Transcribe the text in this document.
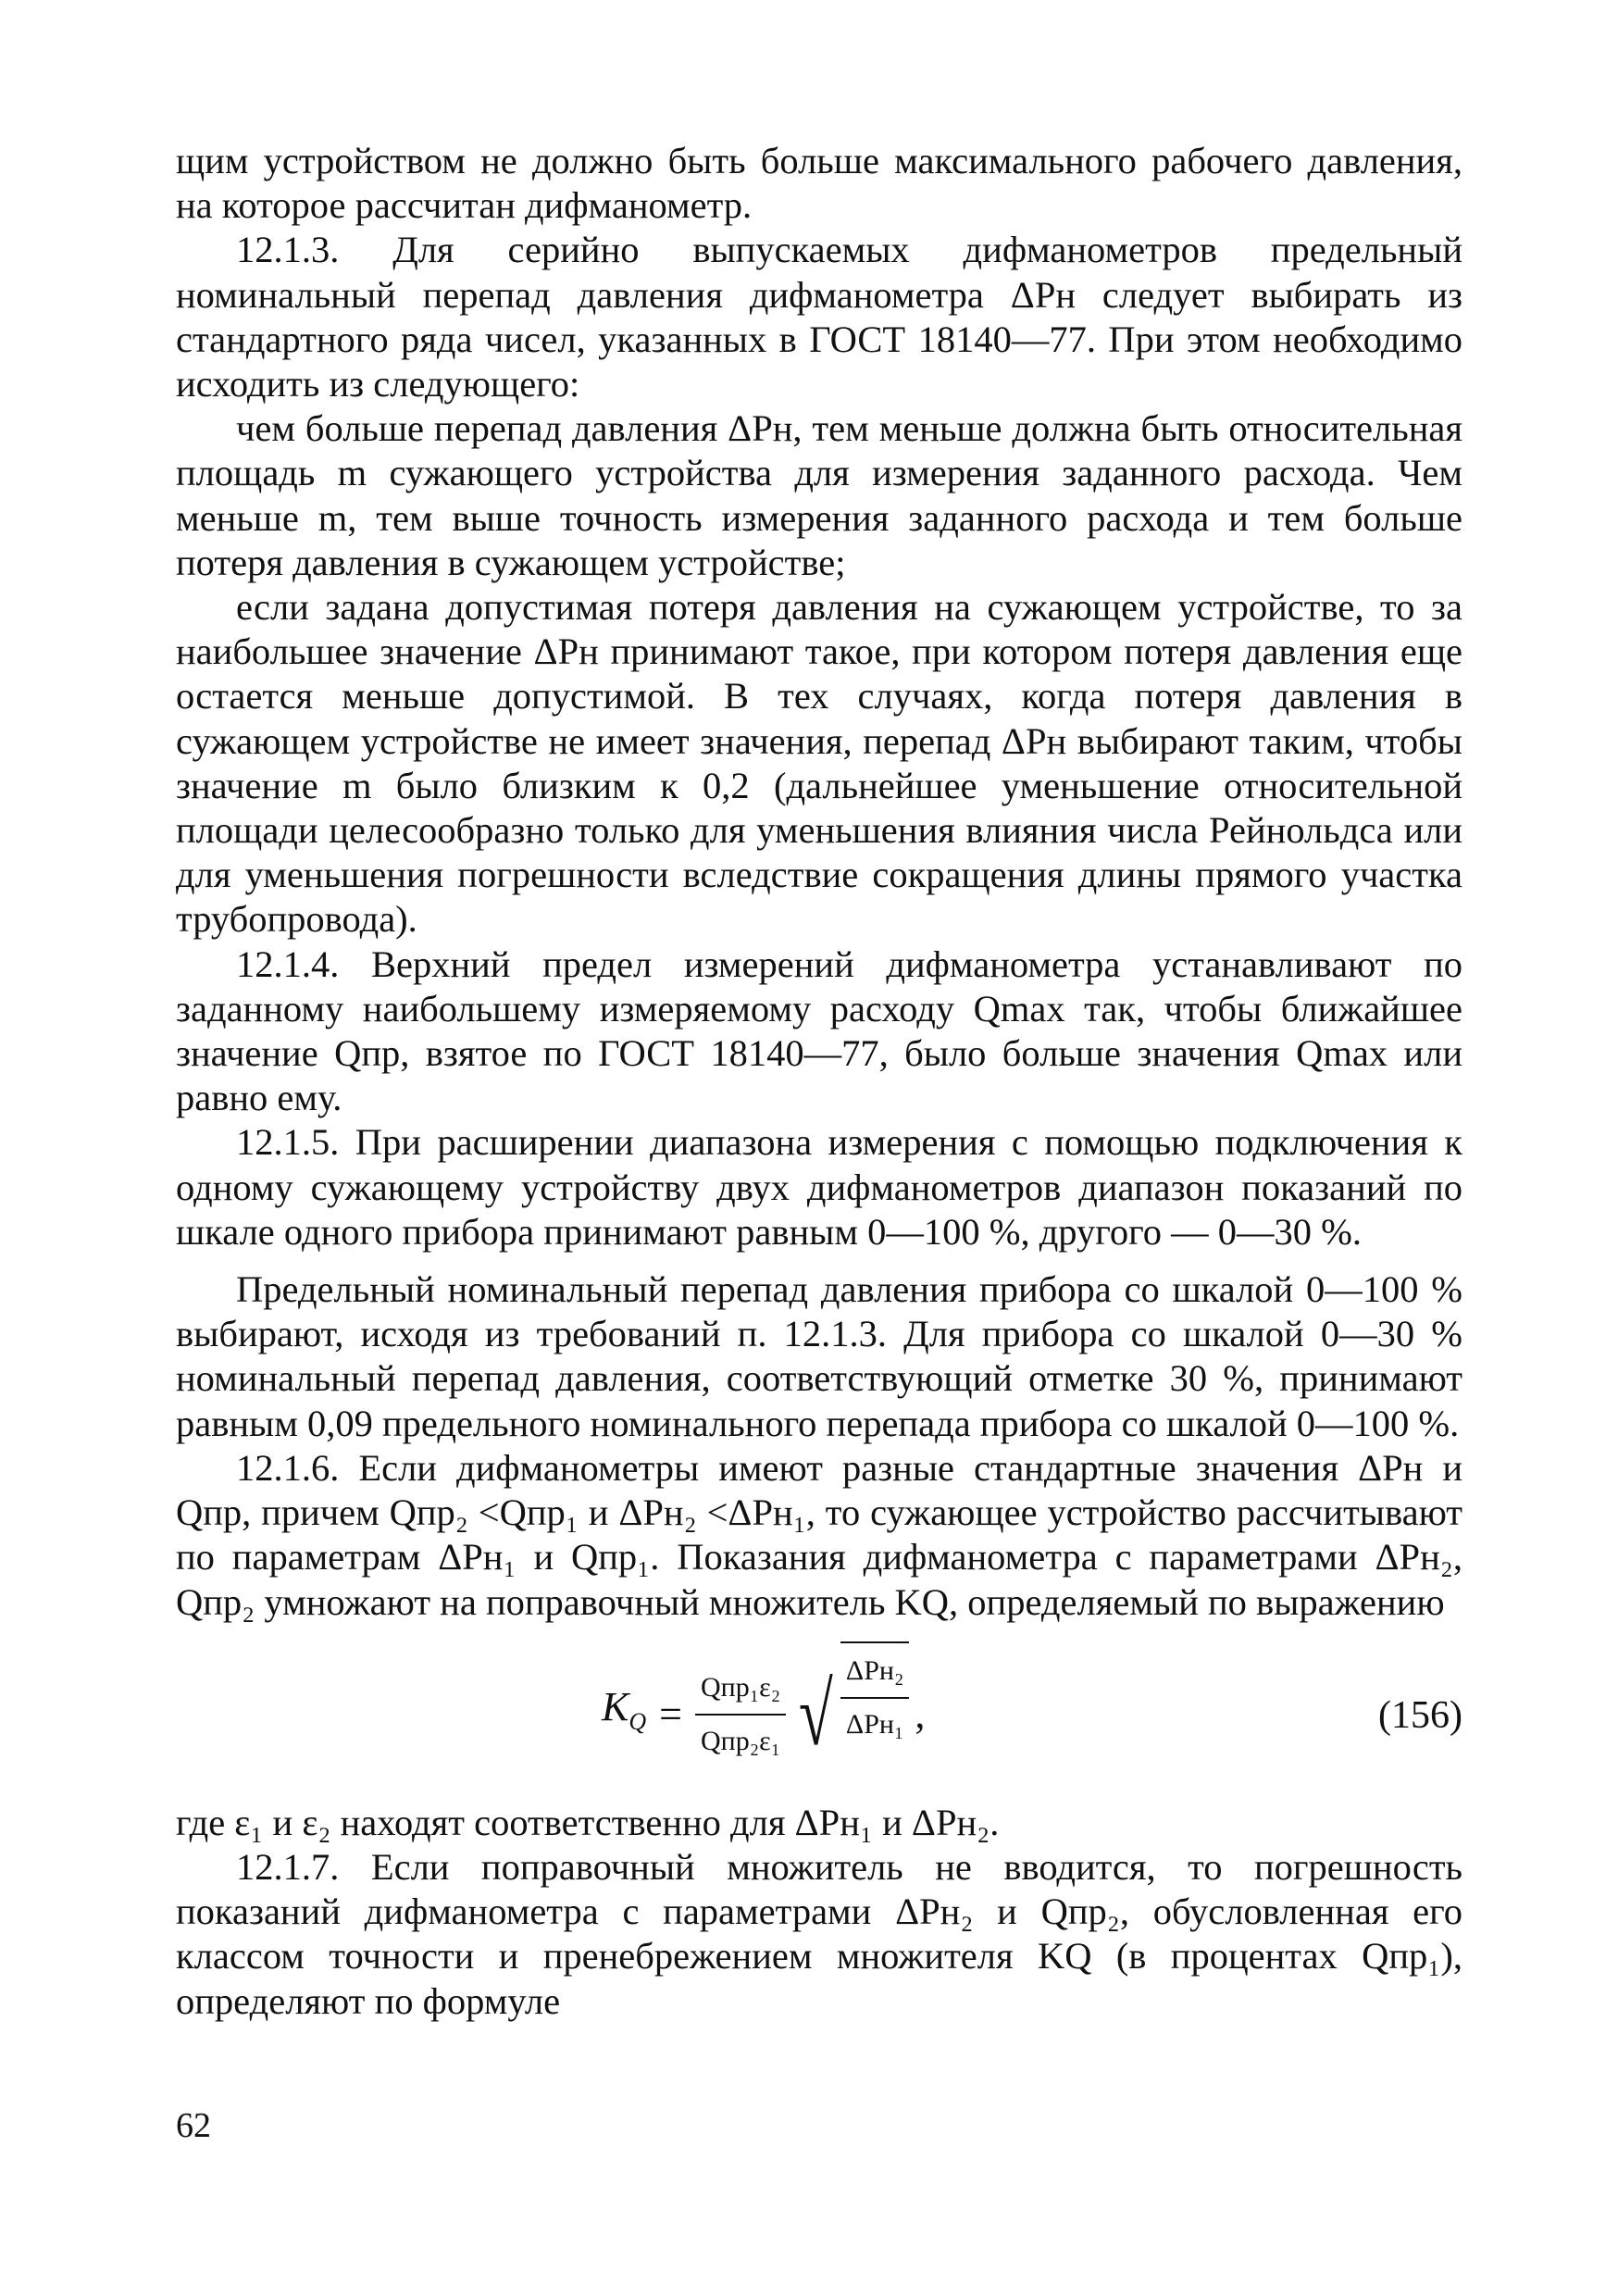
щим устройством не должно быть больше максимального рабочего давления, на которое рассчитан дифманометр.

12.1.3. Для серийно выпускаемых дифманометров предельный номинальный перепад давления дифманометра ΔPн следует выбирать из стандартного ряда чисел, указанных в ГОСТ 18140—77. При этом необходимо исходить из следующего:

чем больше перепад давления ΔPн, тем меньше должна быть относительная площадь m сужающего устройства для измерения заданного расхода. Чем меньше m, тем выше точность измерения заданного расхода и тем больше потеря давления в сужающем устройстве;

если задана допустимая потеря давления на сужающем устройстве, то за наибольшее значение ΔPн принимают такое, при котором потеря давления еще остается меньше допустимой. В тех случаях, когда потеря давления в сужающем устройстве не имеет значения, перепад ΔPн выбирают таким, чтобы значение m было близким к 0,2 (дальнейшее уменьшение относительной площади целесообразно только для уменьшения влияния числа Рейнольдса или для уменьшения погрешности вследствие сокращения длины прямого участка трубопровода).

12.1.4. Верхний предел измерений дифманометра устанавливают по заданному наибольшему измеряемому расходу Qmax так, чтобы ближайшее значение Qпр, взятое по ГОСТ 18140—77, было больше значения Qmax или равно ему.

12.1.5. При расширении диапазона измерения с помощью подключения к одному сужающему устройству двух дифманометров диапазон показаний по шкале одного прибора принимают равным 0—100 %, другого — 0—30 %.

Предельный номинальный перепад давления прибора со шкалой 0—100 % выбирают, исходя из требований п. 12.1.3. Для прибора со шкалой 0—30 % номинальный перепад давления, соответствующий отметке 30 %, принимают равным 0,09 предельного номинального перепада прибора со шкалой 0—100 %.

12.1.6. Если дифманометры имеют разные стандартные значения ΔPн и Qпр, причем Qпр₂ <Qпр₁ и ΔPн₂ <ΔPн₁, то сужающее устройство рассчитывают по параметрам ΔPн₁ и Qпр₁. Показания дифманометра с параметрами ΔPн₂, Qпр₂ умножают на поправочный множитель KQ, определяемый по выражению

$K_Q = \frac{\text{Qпр₁ε₂}}{\text{Qпр₂ε₁}}$ √ $\frac{\text{ΔPн₂}}{\text{ΔPн₁}}$ ,	(156)

где ε₁ и ε₂ находят соответственно для ΔPн₁ и ΔPн₂.

12.1.7. Если поправочный множитель не вводится, то погрешность показаний дифманометра с параметрами ΔPн₂ и Qпр₂, обусловленная его классом точности и пренебрежением множителя KQ (в процентах Qпр₁), определяют по формуле

62
